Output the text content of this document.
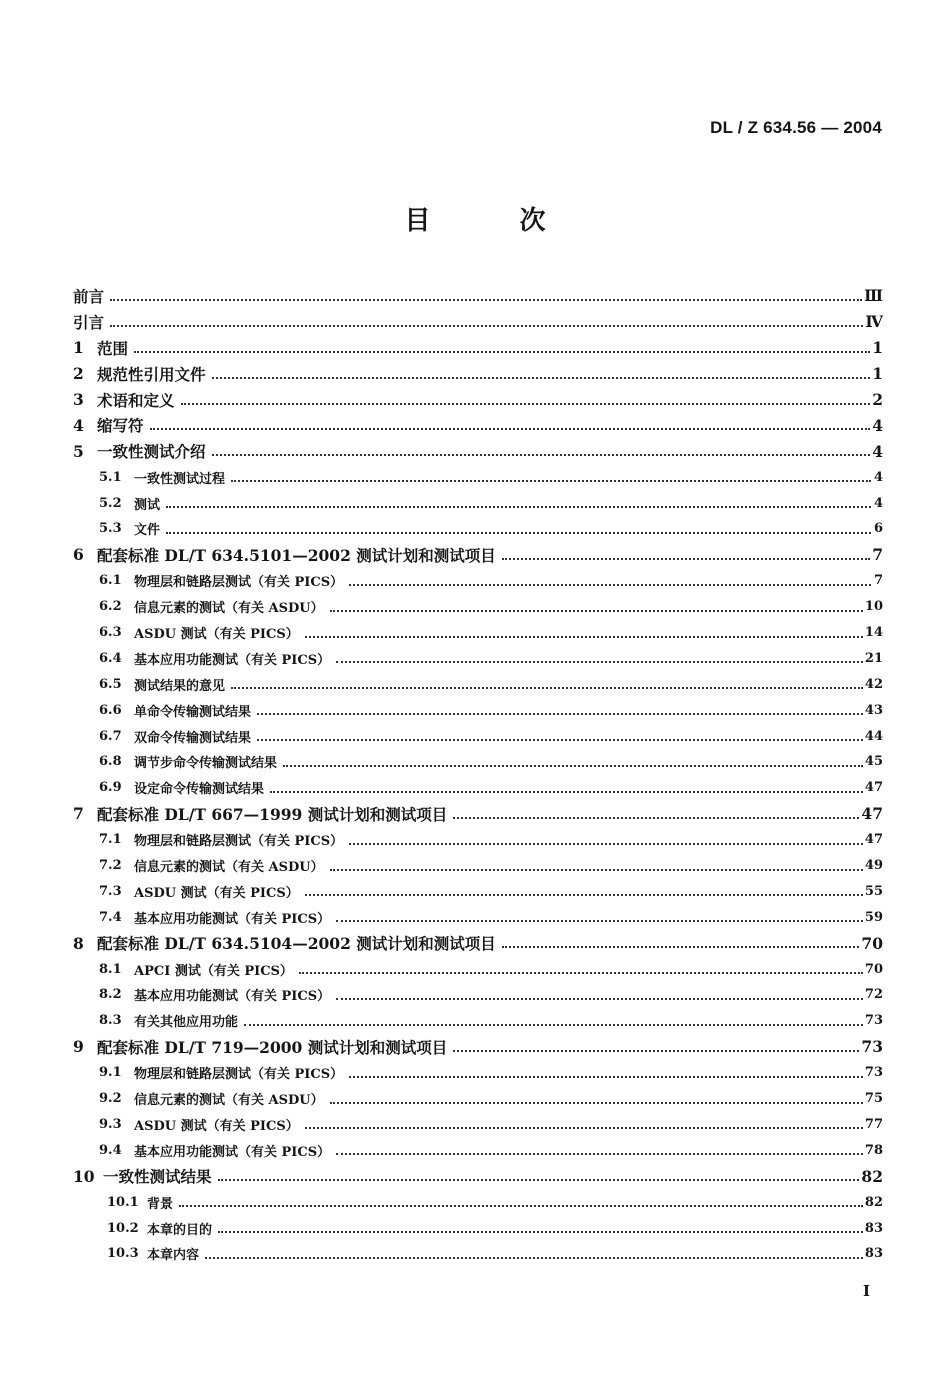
DL / Z 634.56 — 2004
目 次
前言	Ⅲ
引言	Ⅳ
1 范围	1
2 规范性引用文件	1
3 术语和定义	2
4 缩写符	4
5 一致性测试介绍	4
5.1 一致性测试过程	4
5.2 测试	4
5.3 文件	6
6 配套标准 DL/T 634.5101—2002 测试计划和测试项目	7
6.1 物理层和链路层测试（有关 PICS）	7
6.2 信息元素的测试（有关 ASDU）	10
6.3 ASDU 测试（有关 PICS）	14
6.4 基本应用功能测试（有关 PICS）	21
6.5 测试结果的意见	42
6.6 单命令传输测试结果	43
6.7 双命令传输测试结果	44
6.8 调节步命令传输测试结果	45
6.9 设定命令传输测试结果	47
7 配套标准 DL/T 667—1999 测试计划和测试项目	47
7.1 物理层和链路层测试（有关 PICS）	47
7.2 信息元素的测试（有关 ASDU）	49
7.3 ASDU 测试（有关 PICS）	55
7.4 基本应用功能测试（有关 PICS）	59
8 配套标准 DL/T 634.5104—2002 测试计划和测试项目	70
8.1 APCI 测试（有关 PICS）	70
8.2 基本应用功能测试（有关 PICS）	72
8.3 有关其他应用功能	73
9 配套标准 DL/T 719—2000 测试计划和测试项目	73
9.1 物理层和链路层测试（有关 PICS）	73
9.2 信息元素的测试（有关 ASDU）	75
9.3 ASDU 测试（有关 PICS）	77
9.4 基本应用功能测试（有关 PICS）	78
10 一致性测试结果	82
10.1 背景	82
10.2 本章的目的	83
10.3 本章内容	83
I
